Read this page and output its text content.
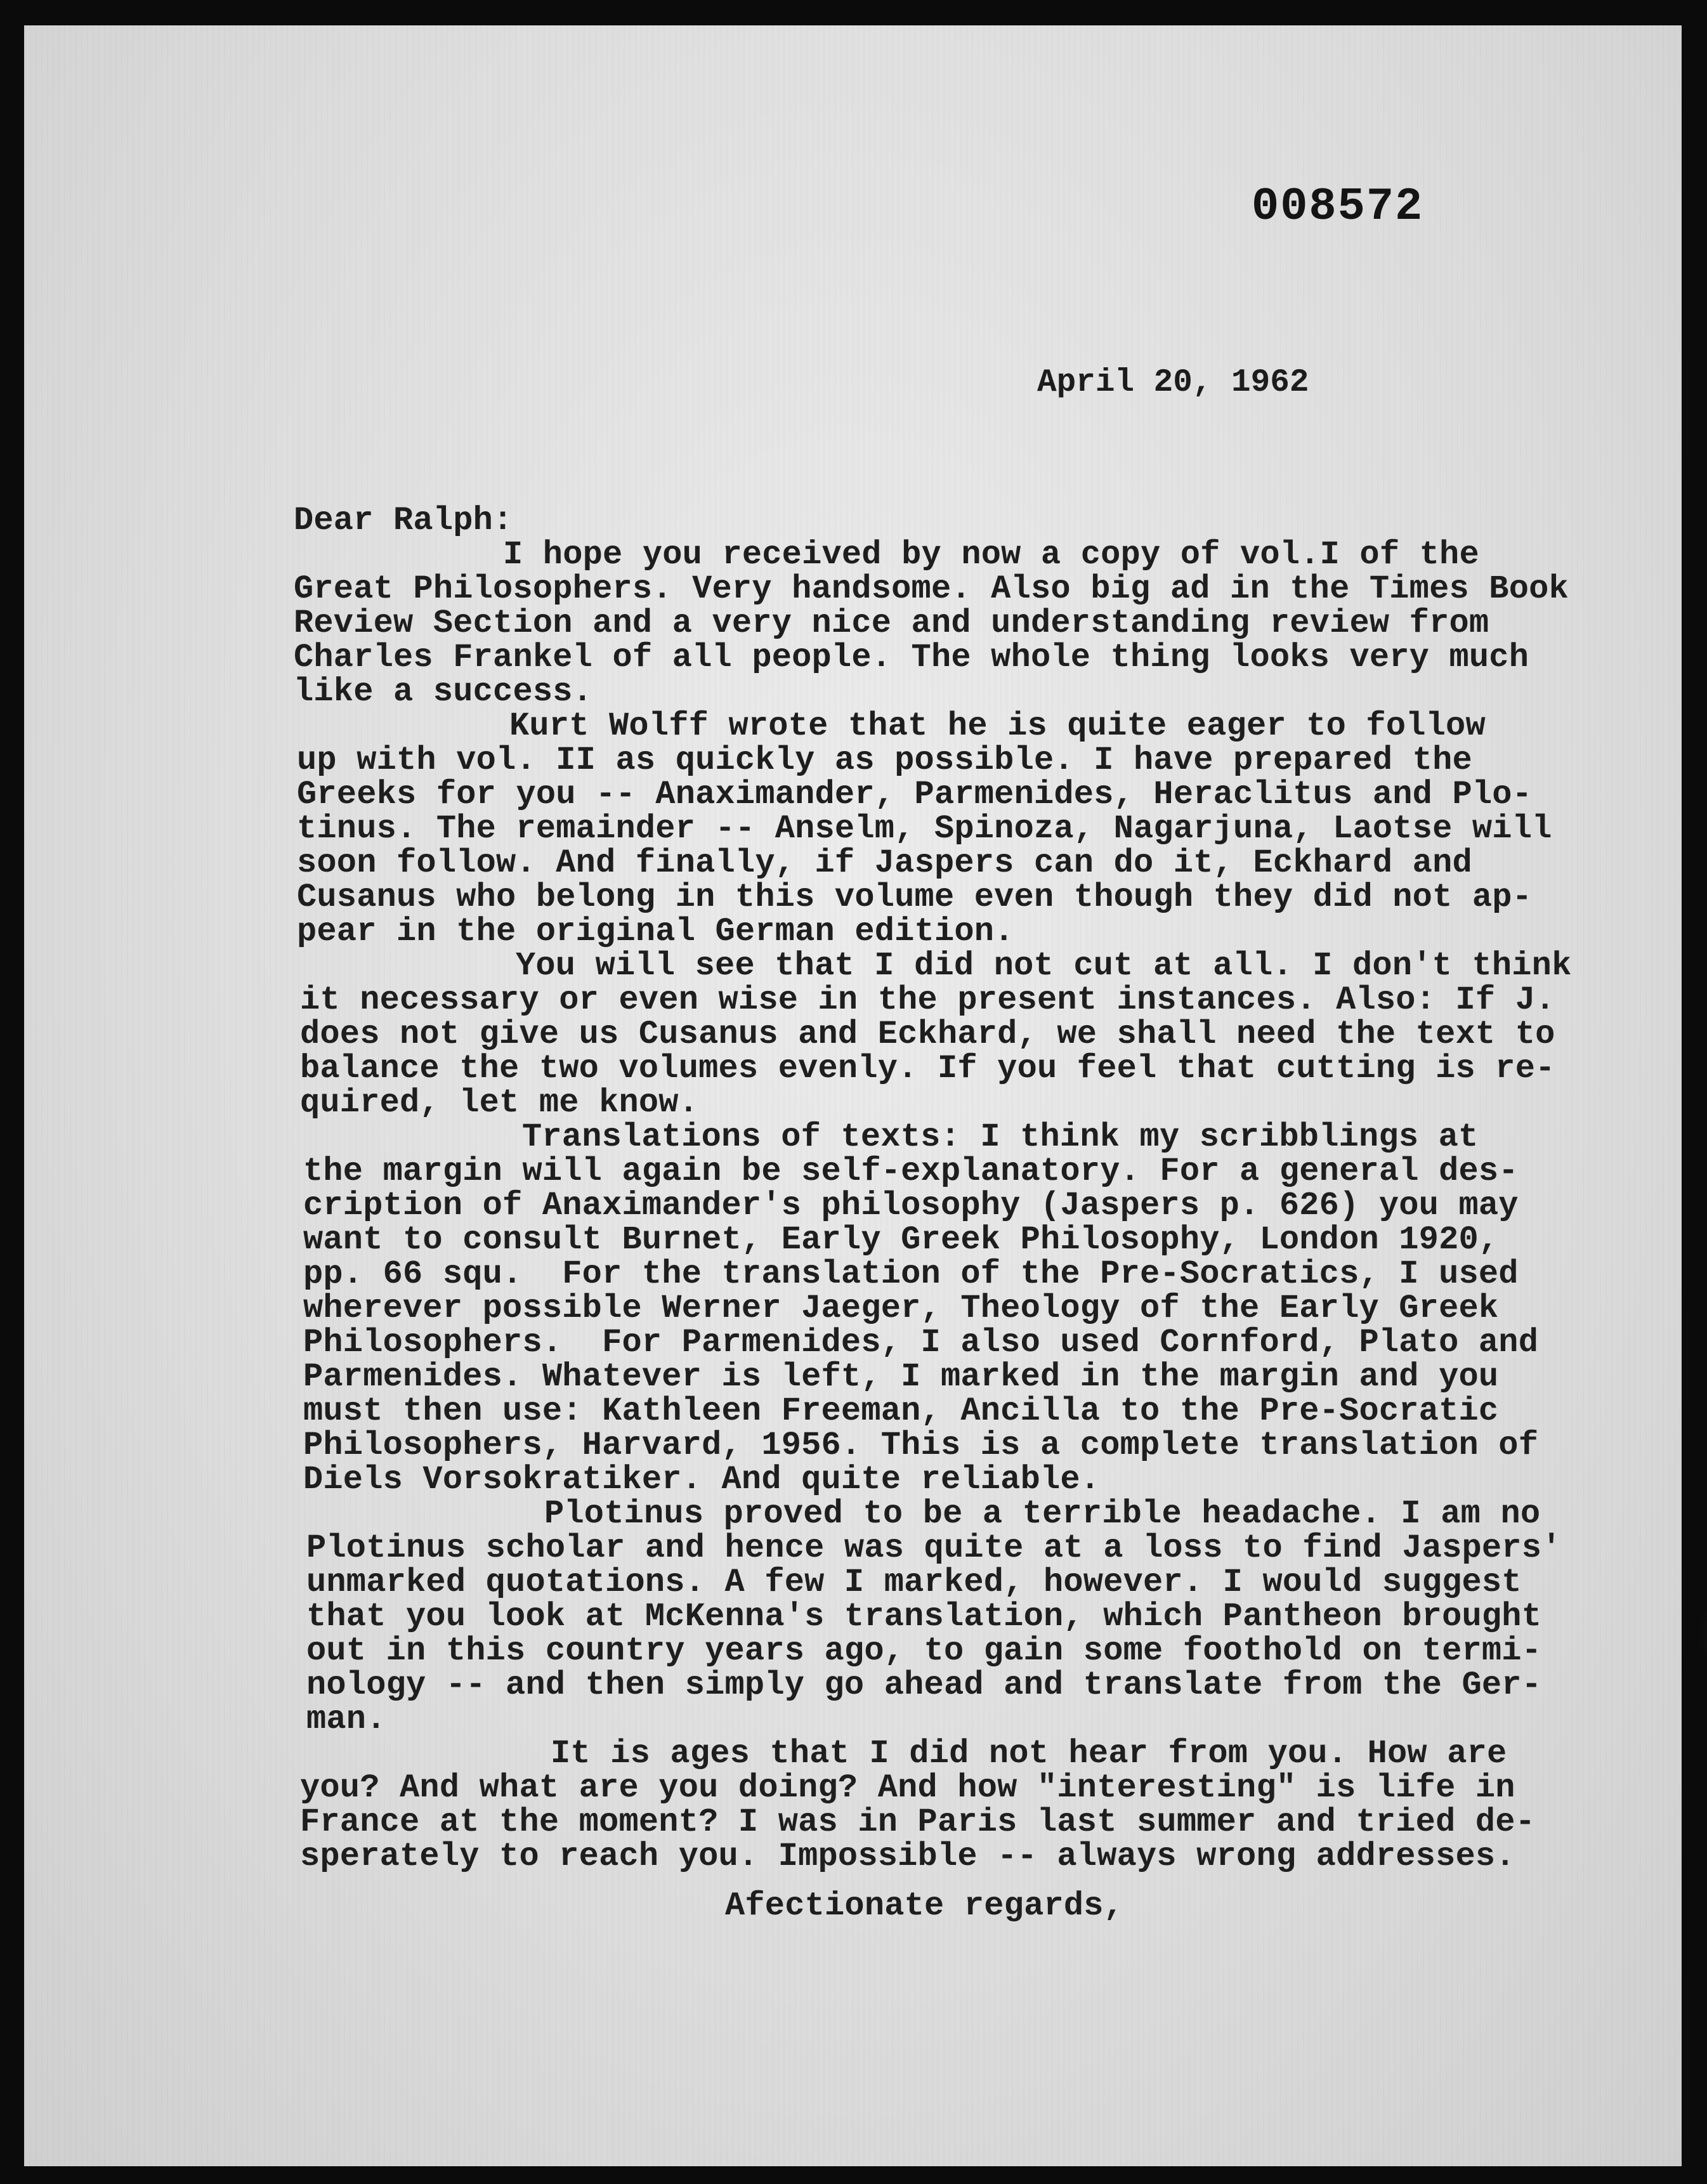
008572
April 20, 1962
Dear Ralph:
I hope you received by now a copy of vol.I of the
Great Philosophers. Very handsome. Also big ad in the Times Book
Review Section and a very nice and understanding review from
Charles Frankel of all people. The whole thing looks very much
like a success.
Kurt Wolff wrote that he is quite eager to follow
up with vol. II as quickly as possible. I have prepared the
Greeks for you -- Anaximander, Parmenides, Heraclitus and Plo-
tinus. The remainder -- Anselm, Spinoza, Nagarjuna, Laotse will
soon follow. And finally, if Jaspers can do it, Eckhard and
Cusanus who belong in this volume even though they did not ap-
pear in the original German edition.
You will see that I did not cut at all. I don't think
it necessary or even wise in the present instances. Also: If J.
does not give us Cusanus and Eckhard, we shall need the text to
balance the two volumes evenly. If you feel that cutting is re-
quired, let me know.
Translations of texts: I think my scribblings at
the margin will again be self-explanatory. For a general des-
cription of Anaximander's philosophy (Jaspers p. 626) you may
want to consult Burnet, Early Greek Philosophy, London 1920,
pp. 66 squ.  For the translation of the Pre-Socratics, I used
wherever possible Werner Jaeger, Theology of the Early Greek
Philosophers.  For Parmenides, I also used Cornford, Plato and
Parmenides. Whatever is left, I marked in the margin and you
must then use: Kathleen Freeman, Ancilla to the Pre-Socratic
Philosophers, Harvard, 1956. This is a complete translation of
Diels Vorsokratiker. And quite reliable.
Plotinus proved to be a terrible headache. I am no
Plotinus scholar and hence was quite at a loss to find Jaspers'
unmarked quotations. A few I marked, however. I would suggest
that you look at McKenna's translation, which Pantheon brought
out in this country years ago, to gain some foothold on termi-
nology -- and then simply go ahead and translate from the Ger-
man.
It is ages that I did not hear from you. How are
you? And what are you doing? And how "interesting" is life in
France at the moment? I was in Paris last summer and tried de-
sperately to reach you. Impossible -- always wrong addresses.
Afectionate regards,
